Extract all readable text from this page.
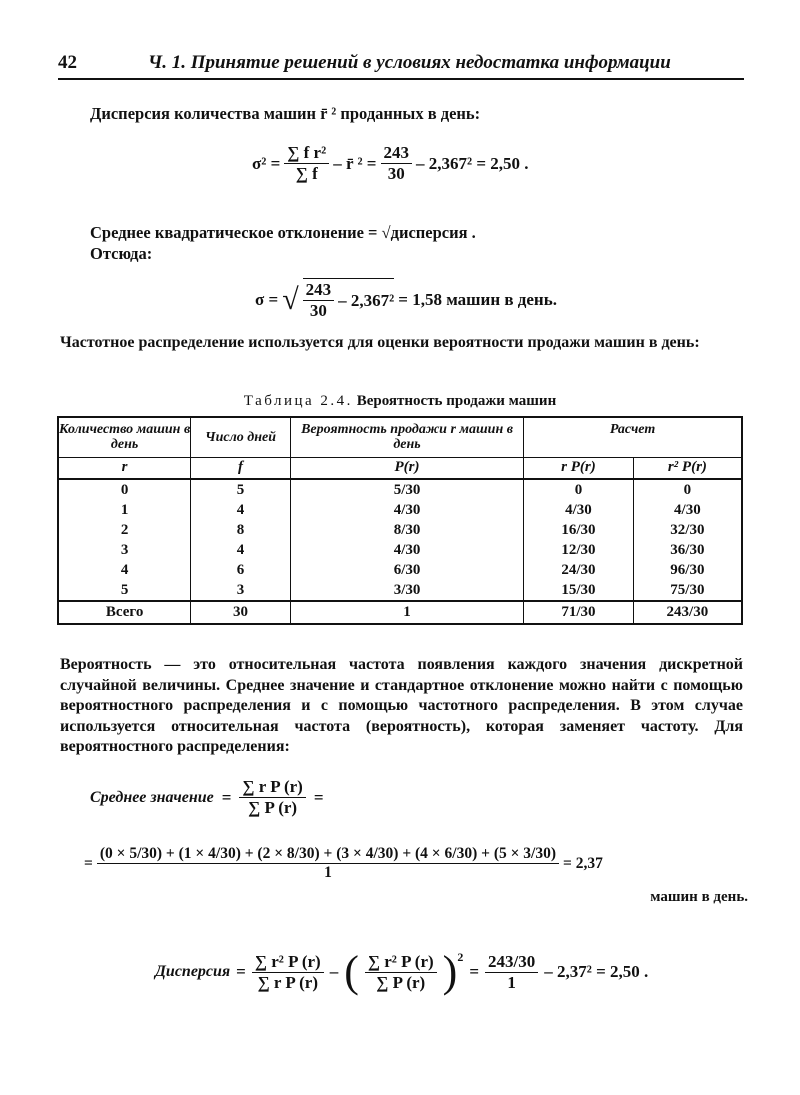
42	Ч. 1. Принятие решений в условиях недостатка информации
Дисперсия количества машин r̄ ² проданных в день:
$\sigma^2 = \frac{\text{∑ f r²}}{\sum f}$ – r̄ $^2 = \frac{243}{30} - 2,367^2 = 2,50$ .
Среднее квадратическое отклонение = √дисперсия .
Отсюда:
σ = √ $\frac{243}{30} - 2,367^2 = 1,58$ машин в день.
Частотное распределение используется для оценки вероятности продажи машин в день:
Таблица 2.4. Вероятность продажи машин
Количество машин в день	Число дней	Вероятность продажи r машин в день	Расчет	
r	f	P(r)	r P(r)	r² P(r)
0	5	5/30	0	0
1	4	4/30	4/30	4/30
2	8	8/30	16/30	32/30
3	4	4/30	12/30	36/30
4	6	6/30	24/30	96/30
5	3	3/30	15/30	75/30
Всего	30	1	71/30	243/30
Вероятность — это относительная частота появления каждого значения дискретной случайной величины. Среднее значение и стандартное отклонение можно найти с помощью вероятностного распределения и с помощью частотного распределения. В этом случае используется относительная частота (вероятность), которая заменяет частоту. Для вероятностного распределения:
Среднее значение = $\frac{\text{∑ r P (r)}}{\sum P (r)}$ =
=
(0 × 5/30) + (1 × 4/30) + (2 × 8/30) + (3 × 4/30) + (4 × 6/30) + (5 × 3/30)
1
= 2,37
машин в день.
Дисперсия = $\frac{\text{∑ r² P (r)}}{\text{∑ r P (r)}}$ – ( $\frac{\text{∑ r² P (r)}}{\sum P (r)} )^2$
= $\frac{243/30}{1} - 2,37^2 = 2,50$ .
